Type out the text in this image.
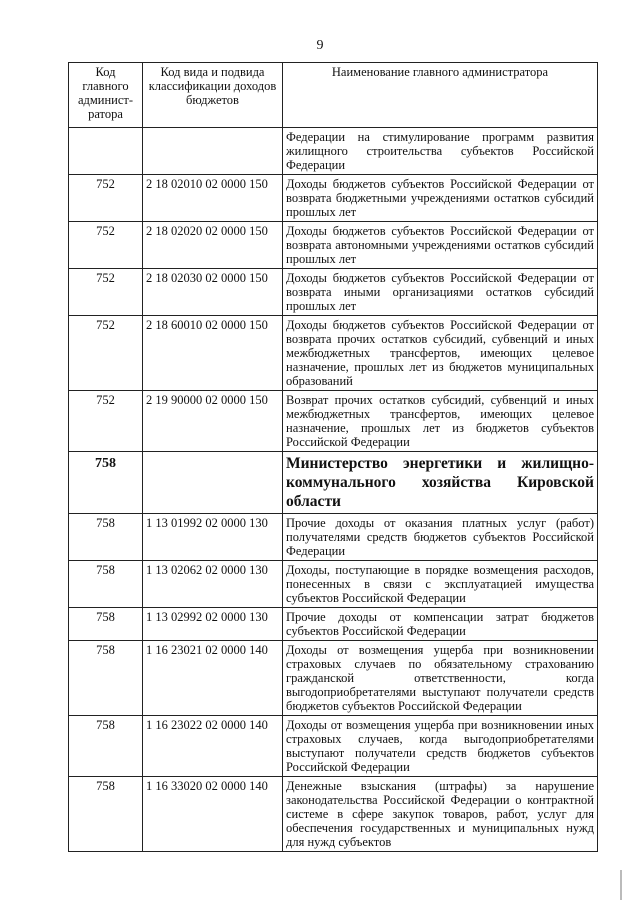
9
Код главного админист-ратора	Код вида и подвида классификации доходов бюджетов	Наименование главного администратора
		Федерации на стимулирование программ развития жилищного строительства субъектов Российской Федерации
752	2 18 02010 02 0000 150	Доходы бюджетов субъектов Российской Федерации от возврата бюджетными учреждениями остатков субсидий прошлых лет
752	2 18 02020 02 0000 150	Доходы бюджетов субъектов Российской Федерации от возврата автономными учреждениями остатков субсидий прошлых лет
752	2 18 02030 02 0000 150	Доходы бюджетов субъектов Российской Федерации от возврата иными организациями остатков субсидий прошлых лет
752	2 18 60010 02 0000 150	Доходы бюджетов субъектов Российской Федерации от возврата прочих остатков субсидий, субвенций и иных межбюджетных трансфертов, имеющих целевое назначение, прошлых лет из бюджетов муниципальных образований
752	2 19 90000 02 0000 150	Возврат прочих остатков субсидий, субвенций и иных межбюджетных трансфертов, имеющих целевое назначение, прошлых лет из бюджетов субъектов Российской Федерации
758		Министерство энергетики и жилищно-коммунального хозяйства Кировской области
758	1 13 01992 02 0000 130	Прочие доходы от оказания платных услуг (работ) получателями средств бюджетов субъектов Российской Федерации
758	1 13 02062 02 0000 130	Доходы, поступающие в порядке возмещения расходов, понесенных в связи с эксплуатацией имущества субъектов Российской Федерации
758	1 13 02992 02 0000 130	Прочие доходы от компенсации затрат бюджетов субъектов Российской Федерации
758	1 16 23021 02 0000 140	Доходы от возмещения ущерба при возникновении страховых случаев по обязательному страхованию гражданской ответственности, когда выгодоприобретателями выступают получатели средств бюджетов субъектов Российской Федерации
758	1 16 23022 02 0000 140	Доходы от возмещения ущерба при возникновении иных страховых случаев, когда выгодоприобретателями выступают получатели средств бюджетов субъектов Российской Федерации
758	1 16 33020 02 0000 140	Денежные взыскания (штрафы) за нарушение законодательства Российской Федерации о контрактной системе в сфере закупок товаров, работ, услуг для обеспечения государственных и муниципальных нужд для нужд субъектов
